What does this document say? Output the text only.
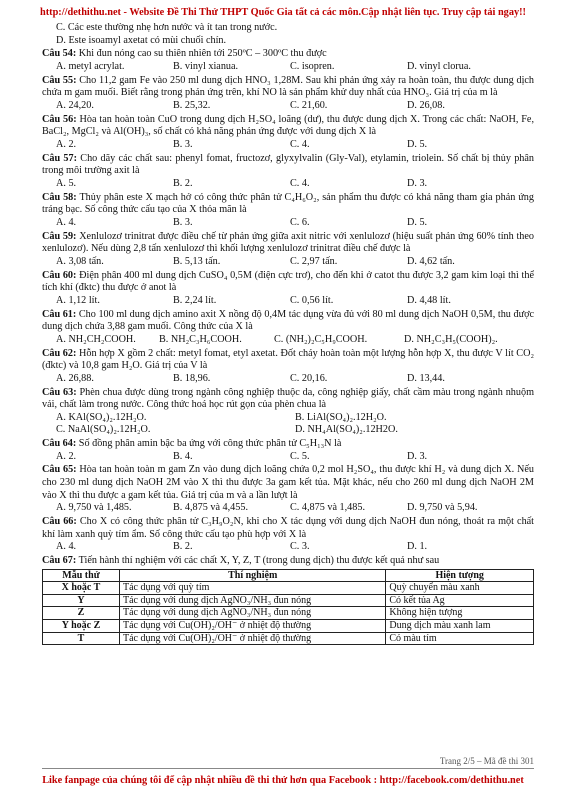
http://dethithu.net - Website Đề Thi Thử THPT Quốc Gia tất cả các môn.Cập nhật liên tục. Truy cập tải ngay!!
C. Các este thường nhẹ hơn nước và ít tan trong nước.
D. Este isoamyl axetat có mùi chuối chín.

Câu 54: Khi đun nóng cao su thiên nhiên tới 250ºC – 300ºC thu được

A. metyl acrylat.	B. vinyl xianua.	C. isopren.	D. vinyl clorua.

Câu 55: Cho 11,2 gam Fe vào 250 ml dung dịch HNO₃ 1,28M. Sau khi phản ứng xảy ra hoàn toàn, thu được dung dịch chứa m gam muối. Biết rằng trong phản ứng trên, khí NO là sản phẩm khử duy nhất của HNO₃. Giá trị của m là

A. 24,20.	B. 25,32.	C. 21,60.	D. 26,08.

Câu 56: Hòa tan hoàn toàn CuO trong dung dịch H₂SO₄ loãng (dư), thu được dung dịch X. Trong các chất: NaOH, Fe, BaCl₂, MgCl₂ và Al(OH)₃, số chất có khả năng phản ứng được với dung dịch X là

A. 2.	B. 3.	C. 4.	D. 5.

Câu 57: Cho dãy các chất sau: phenyl fomat, fructozơ, glyxylvalin (Gly-Val), etylamin, triolein. Số chất bị thủy phân trong môi trường axit là

A. 5.	B. 2.	C. 4.	D. 3.

Câu 58: Thủy phân este X mạch hở có công thức phân tử C₄H₆O₂, sản phẩm thu được có khả năng tham gia phản ứng tráng bạc. Số công thức cấu tạo của X thỏa mãn là

A. 4.	B. 3.	C. 6.	D. 5.

Câu 59: Xenlulozơ trinitrat được điều chế từ phản ứng giữa axit nitric với xenlulozơ (hiệu suất phản ứng 60% tính theo xenlulozơ). Nếu dùng 2,8 tấn xenlulozơ thì khối lượng xenlulozơ trinitrat điều chế được là

A. 3,08 tấn.	B. 5,13 tấn.	C. 2,97 tấn.	D. 4,62 tấn.

Câu 60: Điện phân 400 ml dung dịch CuSO₄ 0,5M (điện cực trơ), cho đến khi ở catot thu được 3,2 gam kim loại thì thể tích khí (đktc) thu được ở anot là

A. 1,12 lít.	B. 2,24 lít.	C. 0,56 lít.	D. 4,48 lít.

Câu 61: Cho 100 ml dung dịch amino axit X nồng độ 0,4M tác dụng vừa đủ với 80 ml dung dịch NaOH 0,5M, thu được dung dịch chứa 3,88 gam muối. Công thức của X là

A. NH₂CH₂COOH.	B. NH₂C₃H₆COOH.	C. (NH₂)₂C₅H₉COOH.	D. NH₂C₃H₅(COOH)₂.

Câu 62: Hỗn hợp X gồm 2 chất: metyl fomat, etyl axetat. Đốt cháy hoàn toàn một lượng hỗn hợp X, thu được V lít CO₂ (đktc) và 10,8 gam H₂O. Giá trị của V là

A. 26,88.	B. 18,96.	C. 20,16.	D. 13,44.

Câu 63: Phèn chua được dùng trong ngành công nghiệp thuộc da, công nghiệp giấy, chất cầm màu trong ngành nhuộm vải, chất làm trong nước. Công thức hoá học rút gọn của phèn chua là

A. KAl(SO₄)₂.12H₂O.	B. LiAl(SO₄)₂.12H₂O.
C. NaAl(SO₄)₂.12H₂O.	D. NH₄Al(SO₄)₂.12H2O.

Câu 64: Số đồng phân amin bậc ba ứng với công thức phân tử C₅H₁₃N là

A. 2.	B. 4.	C. 5.	D. 3.

Câu 65: Hòa tan hoàn toàn m gam Zn vào dung dịch loãng chứa 0,2 mol H₂SO₄, thu được khí H₂ và dung dịch X. Nếu cho 230 ml dung dịch NaOH 2M vào X thì thu được 3a gam kết tủa. Mặt khác, nếu cho 260 ml dung dịch NaOH 2M vào X thì thu được a gam kết tủa. Giá trị của m và a lần lượt là

A. 9,750 và 1,485.	B. 4,875 và 4,455.	C. 4,875 và 1,485.	D. 9,750 và 5,94.

Câu 66: Cho X có công thức phân tử C₃H₉O₂N, khi cho X tác dụng với dung dịch NaOH đun nóng, thoát ra một chất khí làm xanh quỳ tím ẩm. Số công thức cấu tạo phù hợp với X là

A. 4.	B. 2.	C. 3.	D. 1.

Câu 67: Tiến hành thí nghiệm với các chất X, Y, Z, T (trong dung dịch) thu được kết quả như sau

Mẫu thử	Thí nghiệm	Hiện tượng
X hoặc T	Tác dụng với quỳ tím	Quỳ chuyển màu xanh
Y	Tác dụng với dung dịch AgNO₃/NH₃ đun nóng	Có kết tủa Ag
Z	Tác dụng với dung dịch AgNO₃/NH₃ đun nóng	Không hiện tượng
Y hoặc Z	Tác dụng với Cu(OH)₂/OH⁻ ở nhiệt độ thường	Dung dịch màu xanh lam
T	Tác dụng với Cu(OH)₂/OH⁻ ở nhiệt độ thường	Có màu tím
Trang 2/5 – Mã đề thi 301
Like fanpage của chúng tôi để cập nhật nhiều đề thi thử hơn qua Facebook : http://facebook.com/dethithu.net
